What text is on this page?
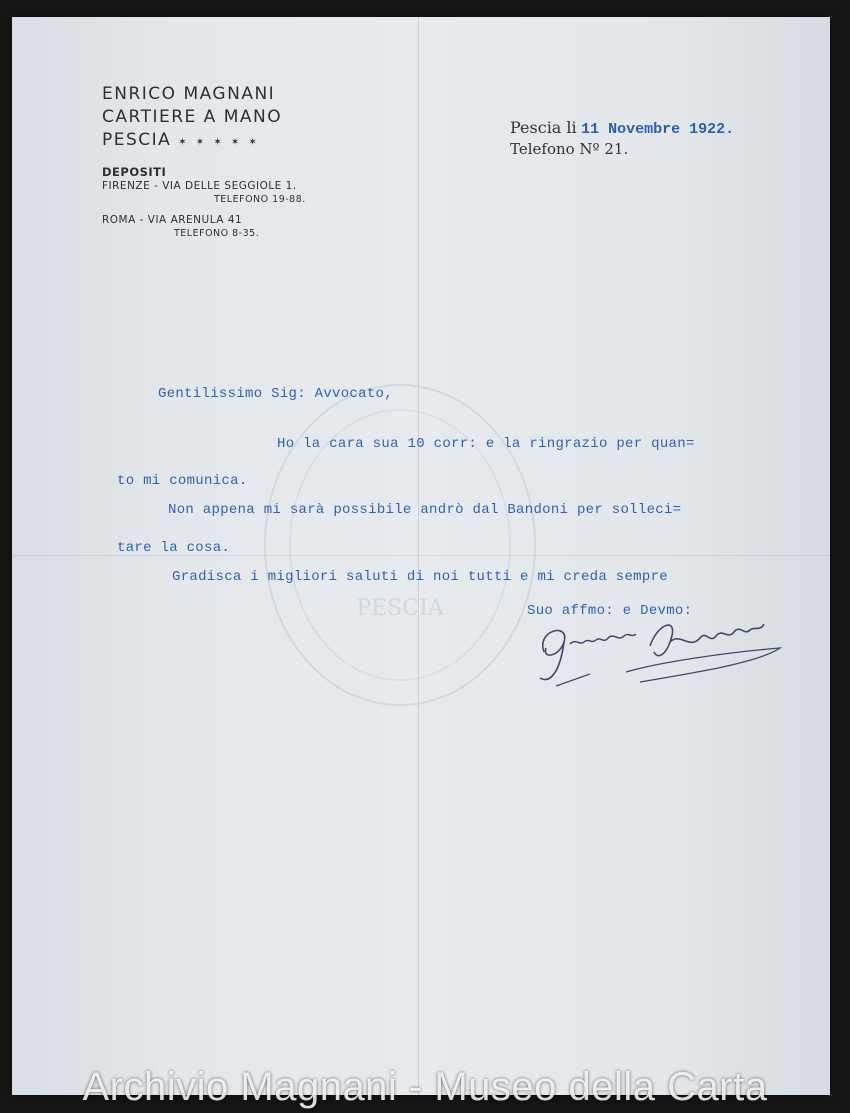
ENRICO MAGNANI
CARTIERE A MANO
PESCIA ✶ ✶ ✶ ✶ ✶
DEPOSITI
FIRENZE - VIA DELLE SEGGIOLE 1.
TELEFONO 19-88.
ROMA - VIA ARENULA 41
TELEFONO 8-35.
Pescia li 11 Novembre 1922.
Telefono Nº 21.
PESCIA
Gentilissimo Sig: Avvocato,
Ho la cara sua 10 corr: e la ringrazio per quan=
to mi comunica.
Non appena mi sarà possibile andrò dal Bandoni per solleci=
tare la cosa.
Gradisca i migliori saluti di noi tutti e mi creda sempre
Suo affmo: e Devmo:
Archivio Magnani - Museo della Carta
